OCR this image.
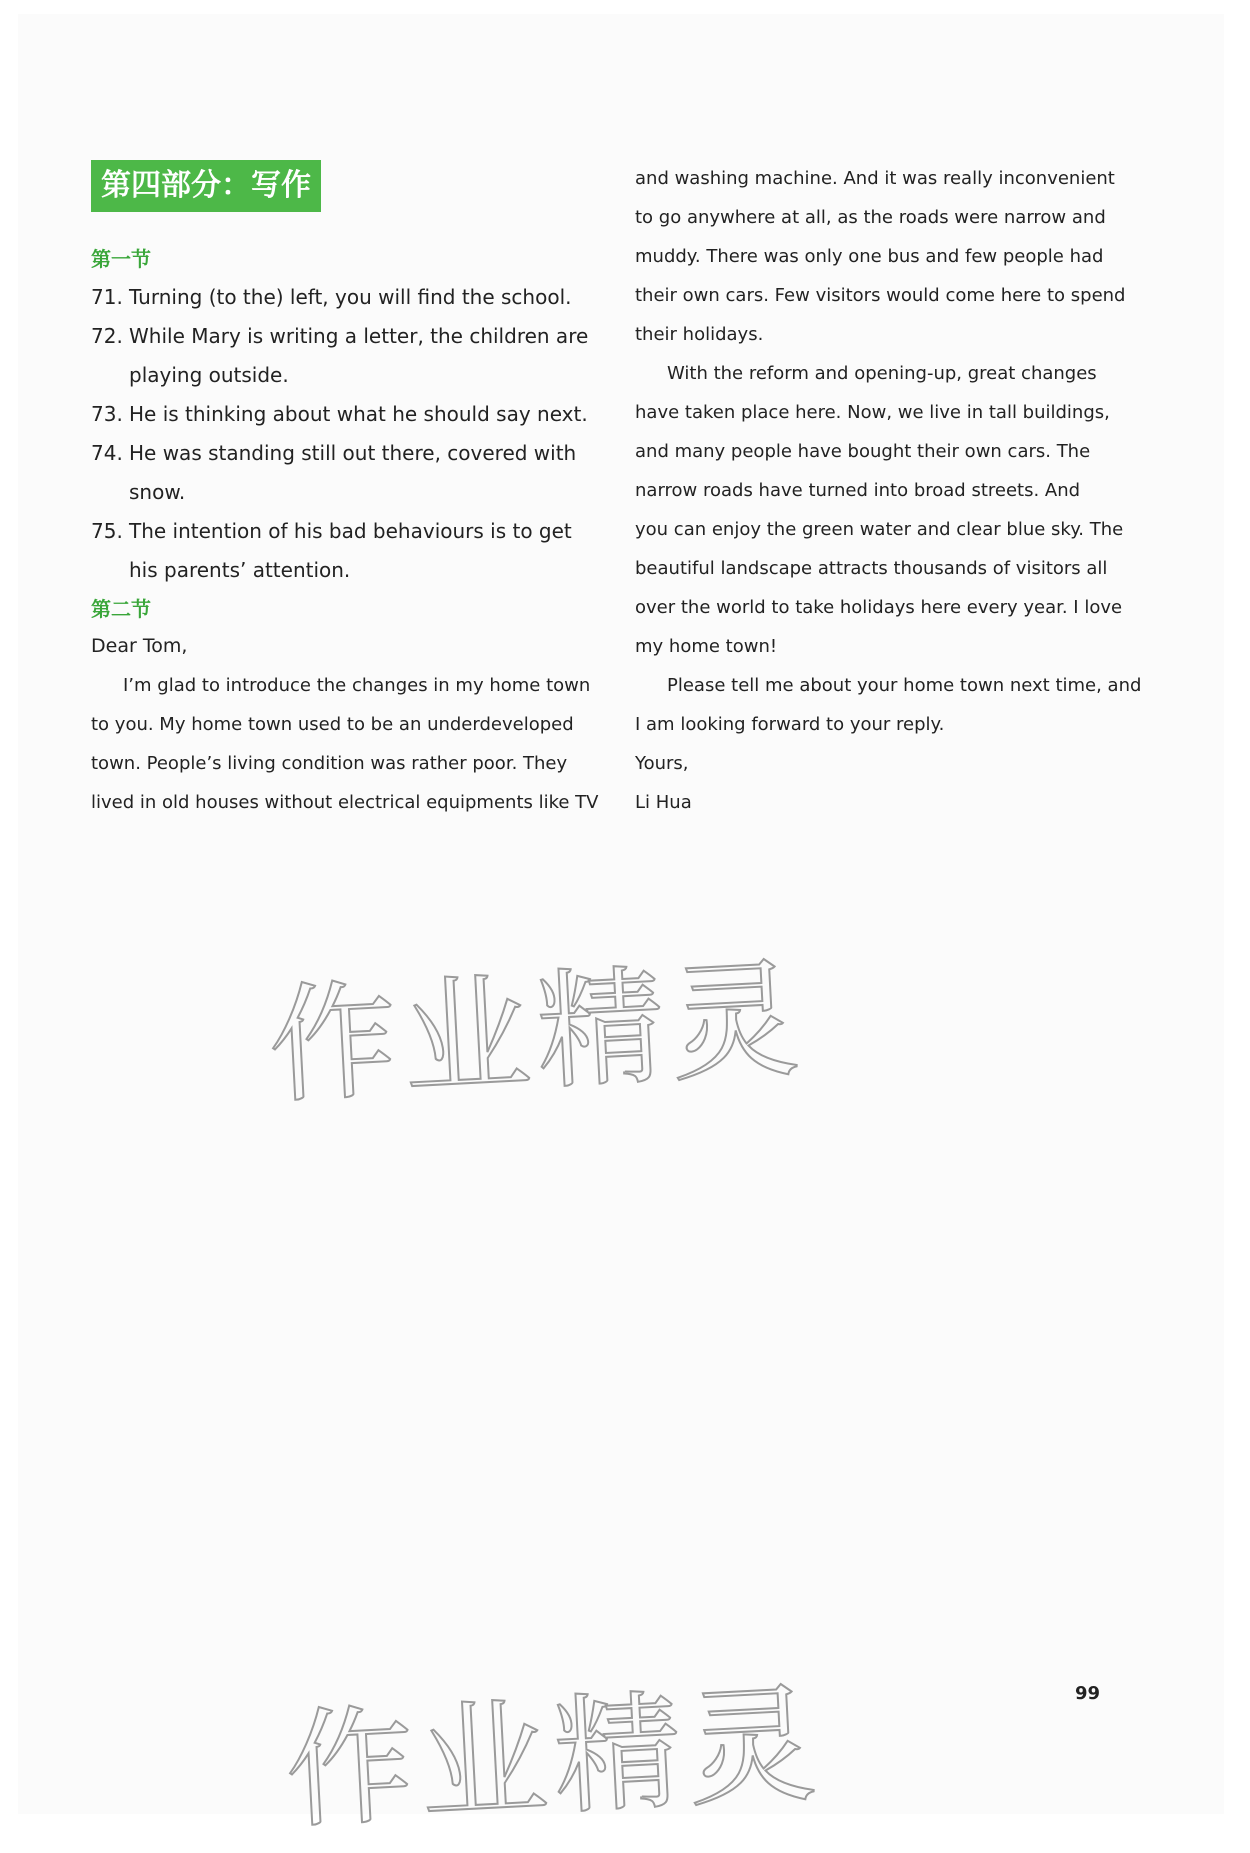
第四部分：写作
第一节
71. Turning (to the) left, you will find the school.
72. While Mary is writing a letter, the children are
playing outside.
73. He is thinking about what he should say next.
74. He was standing still out there, covered with
snow.
75. The intention of his bad behaviours is to get
his parents’ attention.
第二节
Dear Tom,
I’m glad to introduce the changes in my home town
to you. My home town used to be an underdeveloped
town. People’s living condition was rather poor. They
lived in old houses without electrical equipments like TV
and washing machine. And it was really inconvenient
to go anywhere at all, as the roads were narrow and
muddy. There was only one bus and few people had
their own cars. Few visitors would come here to spend
their holidays.
With the reform and opening-up, great changes
have taken place here. Now, we live in tall buildings,
and many people have bought their own cars. The
narrow roads have turned into broad streets. And
you can enjoy the green water and clear blue sky. The
beautiful landscape attracts thousands of visitors all
over the world to take holidays here every year. I love
my home town!
Please tell me about your home town next time, and
I am looking forward to your reply.
Yours,
Li Hua
作业精灵
作业精灵	99
